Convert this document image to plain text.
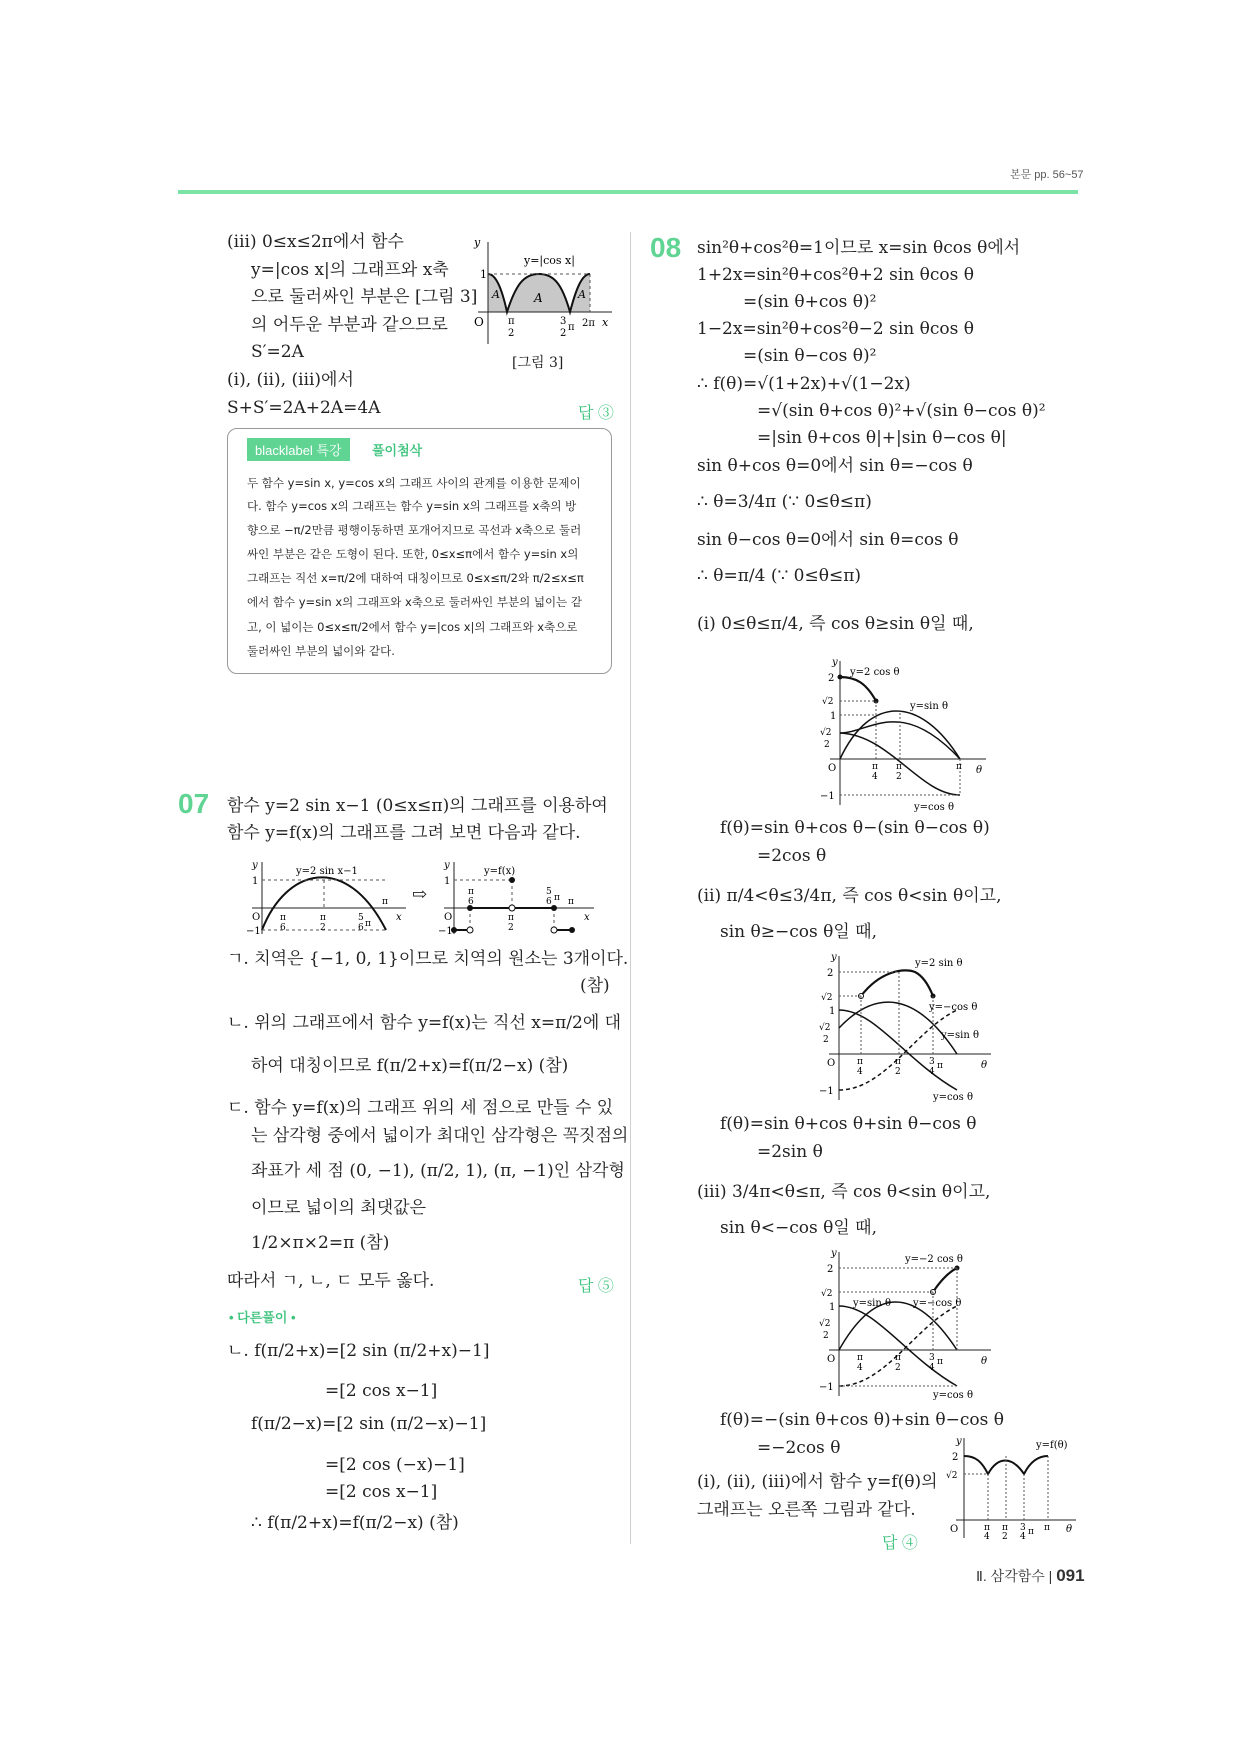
본문 pp. 56~57
(ⅲ) 0≤x≤2π에서 함수
y=|cos x|의 그래프와 x축
으로 둘러싸인 부분은 [그림 3]
의 어두운 부분과 같으므로
S′=2A
(ⅰ), (ⅱ), (ⅲ)에서
S+S′=2A+2A=4A	답 ③
y
1
O
A	A	A
π
2
3
2
π 2π x
y=|cos x|
[그림 3]
blacklabel 특강	풀이첨삭
두 함수 y=sin x, y=cos x의 그래프 사이의 관계를 이용한 문제이
다. 함수 y=cos x의 그래프는 함수 y=sin x의 그래프를 x축의 방
향으로 −π/2만큼 평행이동하면 포개어지므로 곡선과 x축으로 둘러
싸인 부분은 같은 도형이 된다. 또한, 0≤x≤π에서 함수 y=sin x의
그래프는 직선 x=π/2에 대하여 대칭이므로 0≤x≤π/2와 π/2≤x≤π
에서 함수 y=sin x의 그래프와 x축으로 둘러싸인 부분의 넓이는 같
고, 이 넓이는 0≤x≤π/2에서 함수 y=|cos x|의 그래프와 x축으로
둘러싸인 부분의 넓이와 같다.
07 함수 y=2 sin x−1 (0≤x≤π)의 그래프를 이용하여
함수 y=f(x)의 그래프를 그려 보면 다음과 같다.
y
1
O
−1
π
6
π
2
5
6 π
π
x
y=2 sin x−1
⇨
y
1
O
−1
π
6
5
6 π
π
2
π
x
y=f(x)
ㄱ. 치역은 {−1, 0, 1}이므로 치역의 원소는 3개이다.
(참)
ㄴ. 위의 그래프에서 함수 y=f(x)는 직선 x=π/2에 대
하여 대칭이므로 f(π/2+x)=f(π/2−x) (참)
ㄷ. 함수 y=f(x)의 그래프 위의 세 점으로 만들 수 있
는 삼각형 중에서 넓이가 최대인 삼각형은 꼭짓점의
좌표가 세 점 (0, −1), (π/2, 1), (π, −1)인 삼각형
이므로 넓이의 최댓값은
1/2×π×2=π (참)
따라서 ㄱ, ㄴ, ㄷ 모두 옳다.	답 ⑤
• 다른풀이 •
ㄴ. f(π/2+x)=[2 sin (π/2+x)−1]
=[2 cos x−1]
f(π/2−x)=[2 sin (π/2−x)−1]
=[2 cos (−x)−1]
=[2 cos x−1]
∴ f(π/2+x)=f(π/2−x) (참)
08 sin²θ+cos²θ=1이므로 x=sin θcos θ에서
1+2x=sin²θ+cos²θ+2 sin θcos θ
=(sin θ+cos θ)²
1−2x=sin²θ+cos²θ−2 sin θcos θ
=(sin θ−cos θ)²
∴ f(θ)=√(1+2x)+√(1−2x)
=√(sin θ+cos θ)²+√(sin θ−cos θ)²
=|sin θ+cos θ|+|sin θ−cos θ|
sin θ+cos θ=0에서 sin θ=−cos θ
∴ θ=3/4π (∵ 0≤θ≤π)
sin θ−cos θ=0에서 sin θ=cos θ
∴ θ=π/4 (∵ 0≤θ≤π)
(ⅰ) 0≤θ≤π/4, 즉 cos θ≥sin θ일 때,
y
y=2 cos θ
2
√2
1
y=sin θ
√2
2
O	π
4
π
2
π θ
−1
y=cos θ
f(θ)=sin θ+cos θ−(sin θ−cos θ)
=2cos θ
(ⅱ) π/4<θ≤3/4π, 즉 cos θ<sin θ이고,
sin θ≥−cos θ일 때,
y
y=2 sin θ
2
√2
1	y=−cos θ
√2
2	y=sin θ
O π
4
π
2
3
4
π	θ
−1
y=cos θ
f(θ)=sin θ+cos θ+sin θ−cos θ
=2sin θ
(ⅲ) 3/4π<θ≤π, 즉 cos θ<sin θ이고,
sin θ<−cos θ일 때,
y
y=−2 cos θ
2
√2
y=sin θ y=−cos θ
1
√2
2
O π
4
π
2
3
4
π	θ
−1
y=cos θ
f(θ)=−(sin θ+cos θ)+sin θ−cos θ
=−2cos θ
(ⅰ), (ⅱ), (ⅲ)에서 함수 y=f(θ)의
그래프는 오른쪽 그림과 같다.
답 ④
y	y=f(θ)
2
√2
O	π
4
π
2
3
4 π π θ
Ⅱ. 삼각함수 | 091
